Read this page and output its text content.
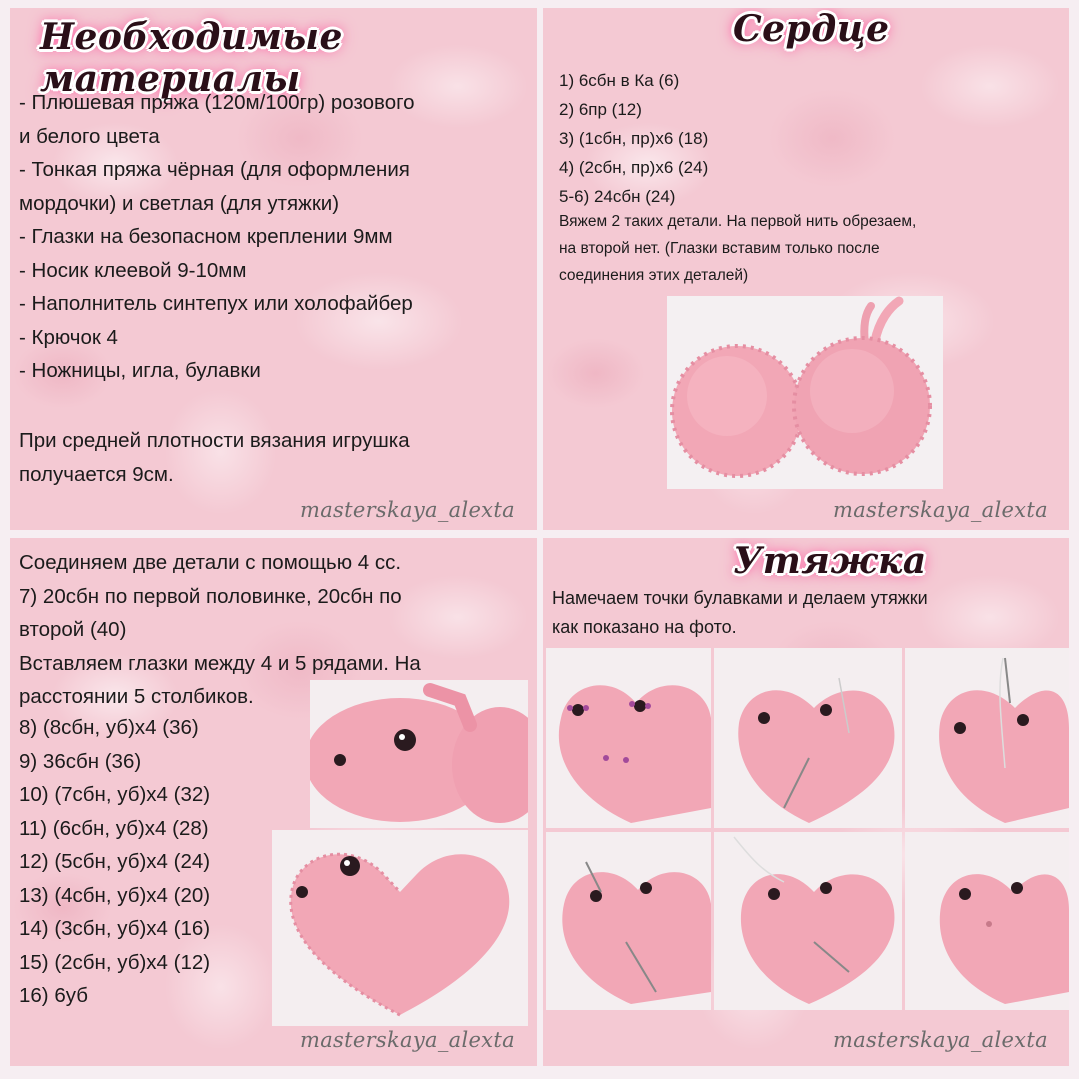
Необходимые материалы
- Плюшевая пряжа (120м/100гр) розового
и белого цвета
- Тонкая пряжа чёрная (для оформления
мордочки) и светлая (для утяжки)
- Глазки на безопасном креплении 9мм
- Носик клеевой 9-10мм
- Наполнитель синтепух или холофайбер
- Крючок 4
- Ножницы, игла, булавки
При средней плотности вязания игрушка
получается 9см.
masterskaya_alexta
Сердце
1) 6сбн в Ка (6)
2) 6пр (12)
3) (1сбн, пр)х6 (18)
4) (2сбн, пр)х6 (24)
5-6) 24сбн (24)
Вяжем 2 таких детали. На первой нить обрезаем,
на второй нет. (Глазки вставим только после
соединения этих деталей)
masterskaya_alexta
Соединяем две детали с помощью 4 сс.
7) 20сбн по первой половинке, 20сбн по
второй (40)
Вставляем глазки между 4 и 5 рядами. На
расстоянии 5 столбиков.
8) (8сбн, уб)х4 (36)
9) 36сбн (36)
10) (7сбн, уб)х4 (32)
11) (6сбн, уб)х4 (28)
12) (5сбн, уб)х4 (24)
13) (4сбн, уб)х4 (20)
14) (3сбн, уб)х4 (16)
15) (2сбн, уб)х4 (12)
16) 6уб
masterskaya_alexta
Утяжка
Намечаем точки булавками и делаем утяжки
как показано на фото.
masterskaya_alexta
